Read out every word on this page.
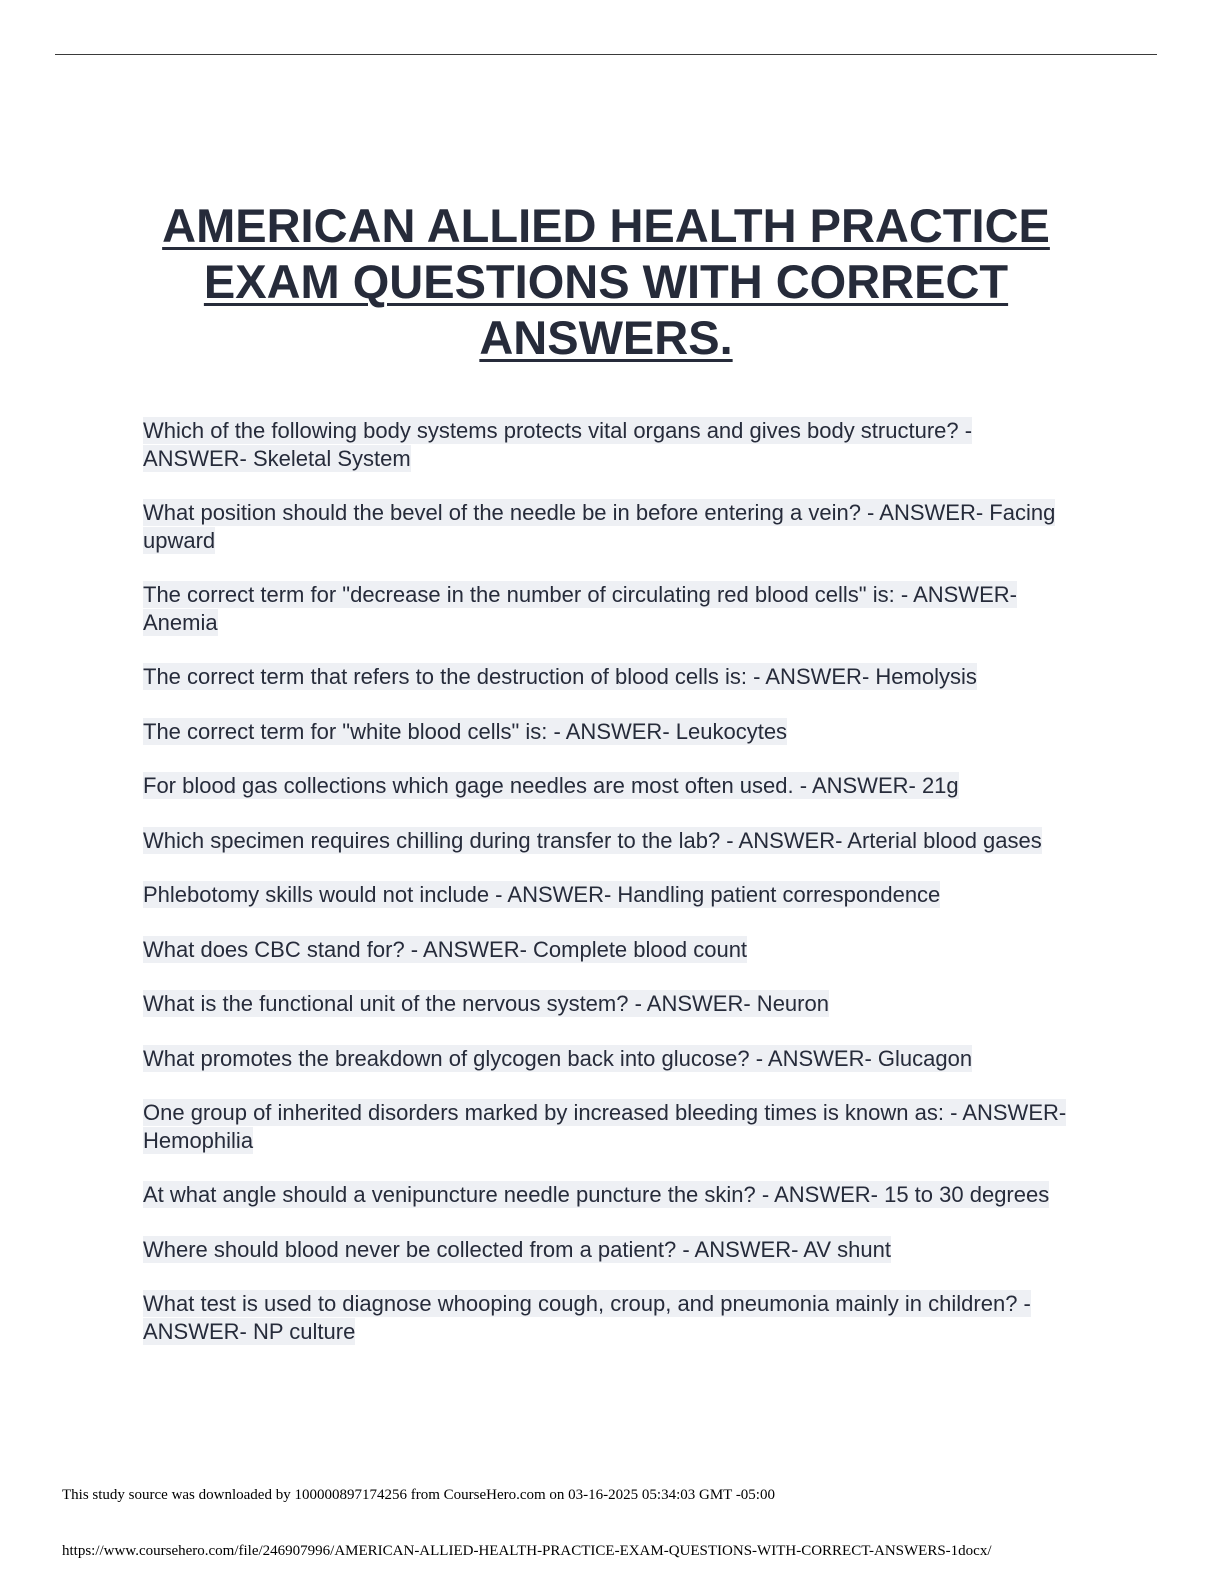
AMERICAN ALLIED HEALTH PRACTICE EXAM QUESTIONS WITH CORRECT ANSWERS.
Which of the following body systems protects vital organs and gives body structure? - ANSWER- Skeletal System
What position should the bevel of the needle be in before entering a vein? - ANSWER- Facing upward
The correct term for "decrease in the number of circulating red blood cells" is: - ANSWER- Anemia
The correct term that refers to the destruction of blood cells is: - ANSWER- Hemolysis
The correct term for "white blood cells" is: - ANSWER- Leukocytes
For blood gas collections which gage needles are most often used. - ANSWER- 21g
Which specimen requires chilling during transfer to the lab? - ANSWER- Arterial blood gases
Phlebotomy skills would not include - ANSWER- Handling patient correspondence
What does CBC stand for? - ANSWER- Complete blood count
What is the functional unit of the nervous system? - ANSWER- Neuron
What promotes the breakdown of glycogen back into glucose? - ANSWER- Glucagon
One group of inherited disorders marked by increased bleeding times is known as: - ANSWER- Hemophilia
At what angle should a venipuncture needle puncture the skin? - ANSWER- 15 to 30 degrees
Where should blood never be collected from a patient? - ANSWER- AV shunt
What test is used to diagnose whooping cough, croup, and pneumonia mainly in children? - ANSWER- NP culture
This study source was downloaded by 100000897174256 from CourseHero.com on 03-16-2025 05:34:03 GMT -05:00
https://www.coursehero.com/file/246907996/AMERICAN-ALLIED-HEALTH-PRACTICE-EXAM-QUESTIONS-WITH-CORRECT-ANSWERS-1docx/
